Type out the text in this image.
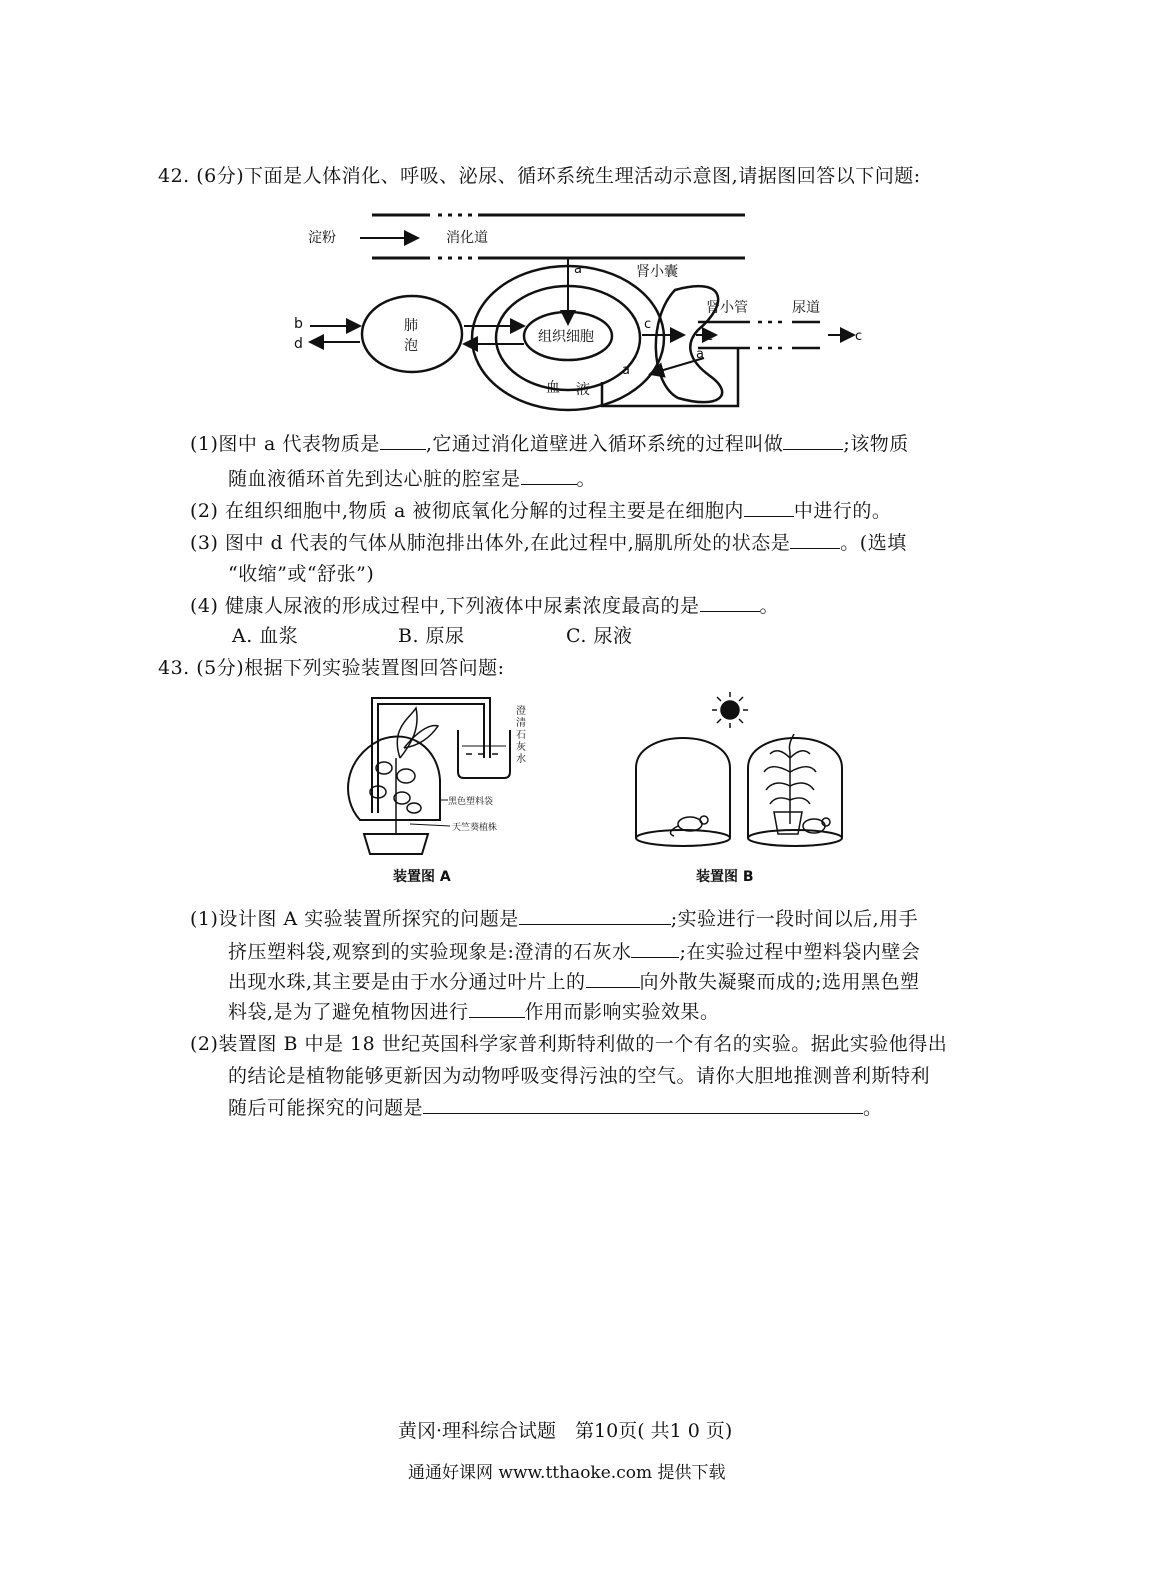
42. (6分)下面是人体消化、呼吸、泌尿、循环系统生理活动示意图,请据图回答以下问题:
淀粉	消化道
a	肾小囊
组织细胞
肺
泡
b
d
肾小管	尿道
c
c	c
a
a
血 液
(1)图中 a 代表物质是 ,它通过消化道壁进入循环系统的过程叫做	;该物质
随血液循环首先到达心脏的腔室是	。
(2) 在组织细胞中,物质 a 被彻底氧化分解的过程主要是在细胞内	中进行的。
(3) 图中 d 代表的气体从肺泡排出体外,在此过程中,膈肌所处的状态是	。(选填
“收缩”或“舒张”)
(4) 健康人尿液的形成过程中,下列液体中尿素浓度最高的是	。
A. 血浆	B. 原尿	C. 尿液
43. (5分)根据下列实验装置图回答问题:
澄
清
石
灰
水
黑色塑料袋
天竺葵植株
装置图 A	装置图 B
(1)设计图 A 实验装置所探究的问题是	;实验进行一段时间以后,用手
挤压塑料袋,观察到的实验现象是:澄清的石灰水	;在实验过程中塑料袋内壁会
出现水珠,其主要是由于水分通过叶片上的	向外散失凝聚而成的;选用黑色塑
料袋,是为了避免植物因进行	作用而影响实验效果。
(2)装置图 B 中是 18 世纪英国科学家普利斯特利做的一个有名的实验。据此实验他得出
的结论是植物能够更新因为动物呼吸变得污浊的空气。请你大胆地推测普利斯特利
随后可能探究的问题是	。
黄冈·理科综合试题　第10页( 共1 0 页)
通通好课网 www.tthaoke.com 提供下载
